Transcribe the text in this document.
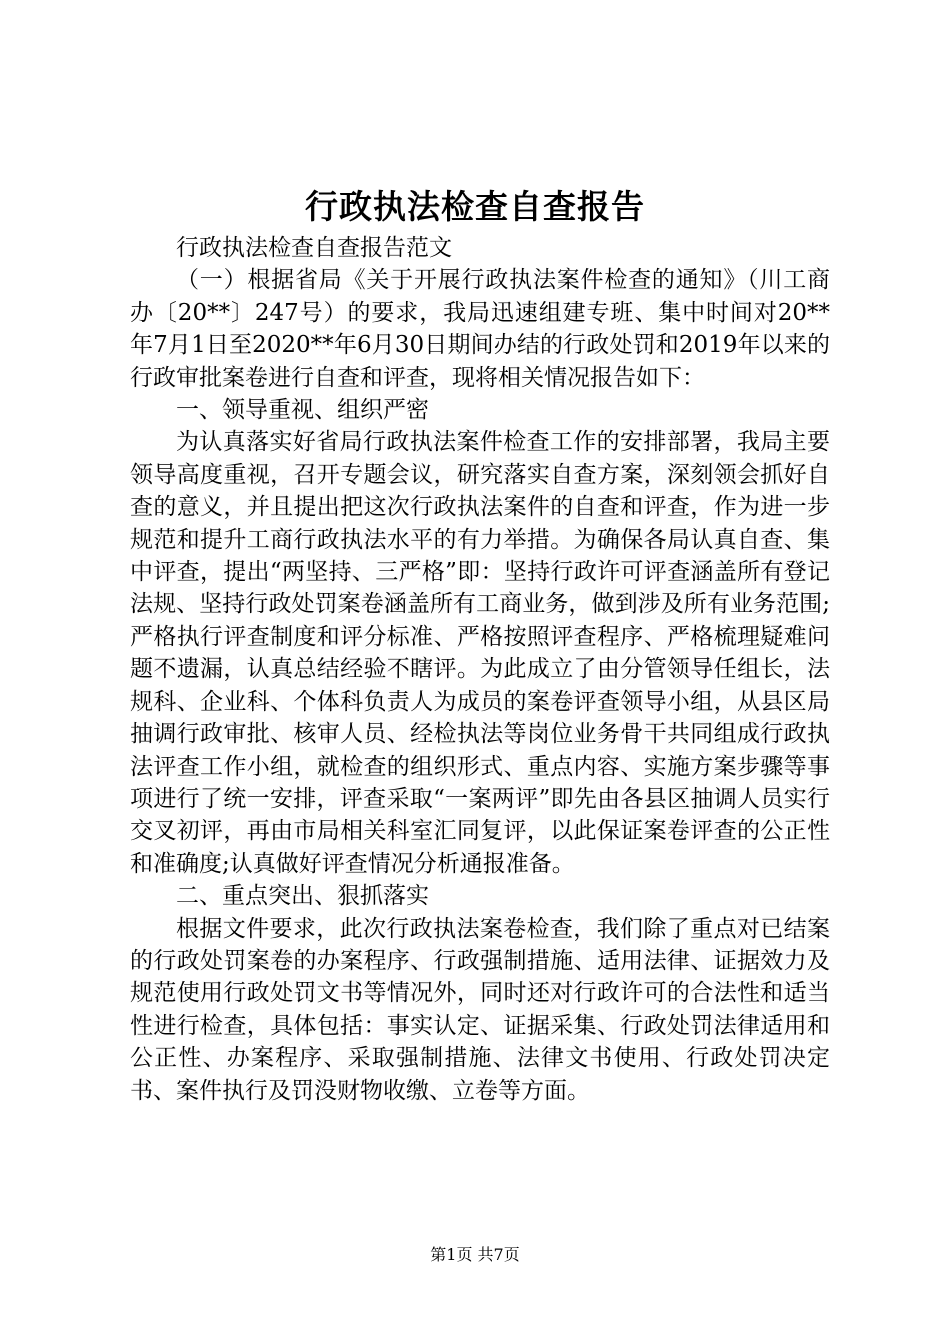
行政执法检查自查报告

行政执法检查自查报告范文

（一）根据省局《关于开展行政执法案件检查的通知》（川工商办〔20**〕247号）的要求，我局迅速组建专班、集中时间对20**年7月1日至2020**年6月30日期间办结的行政处罚和2019年以来的行政审批案卷进行自查和评查，现将相关情况报告如下：

一、领导重视、组织严密

为认真落实好省局行政执法案件检查工作的安排部署，我局主要领导高度重视，召开专题会议，研究落实自查方案，深刻领会抓好自查的意义，并且提出把这次行政执法案件的自查和评查，作为进一步规范和提升工商行政执法水平的有力举措。为确保各局认真自查、集中评查，提出“两坚持、三严格”即：坚持行政许可评查涵盖所有登记法规、坚持行政处罚案卷涵盖所有工商业务，做到涉及所有业务范围;严格执行评查制度和评分标准、严格按照评查程序、严格梳理疑难问题不遗漏，认真总结经验不瞎评。为此成立了由分管领导任组长，法规科、企业科、个体科负责人为成员的案卷评查领导小组，从县区局抽调行政审批、核审人员、经检执法等岗位业务骨干共同组成行政执法评查工作小组，就检查的组织形式、重点内容、实施方案步骤等事项进行了统一安排，评查采取“一案两评”即先由各县区抽调人员实行交叉初评，再由市局相关科室汇同复评，以此保证案卷评查的公正性和准确度;认真做好评查情况分析通报准备。

二、重点突出、狠抓落实

根据文件要求，此次行政执法案卷检查，我们除了重点对已结案的行政处罚案卷的办案程序、行政强制措施、适用法律、证据效力及规范使用行政处罚文书等情况外，同时还对行政许可的合法性和适当性进行检查，具体包括：事实认定、证据采集、行政处罚法律适用和公正性、办案程序、采取强制措施、法律文书使用、行政处罚决定书、案件执行及罚没财物收缴、立卷等方面。

第1页 共7页
